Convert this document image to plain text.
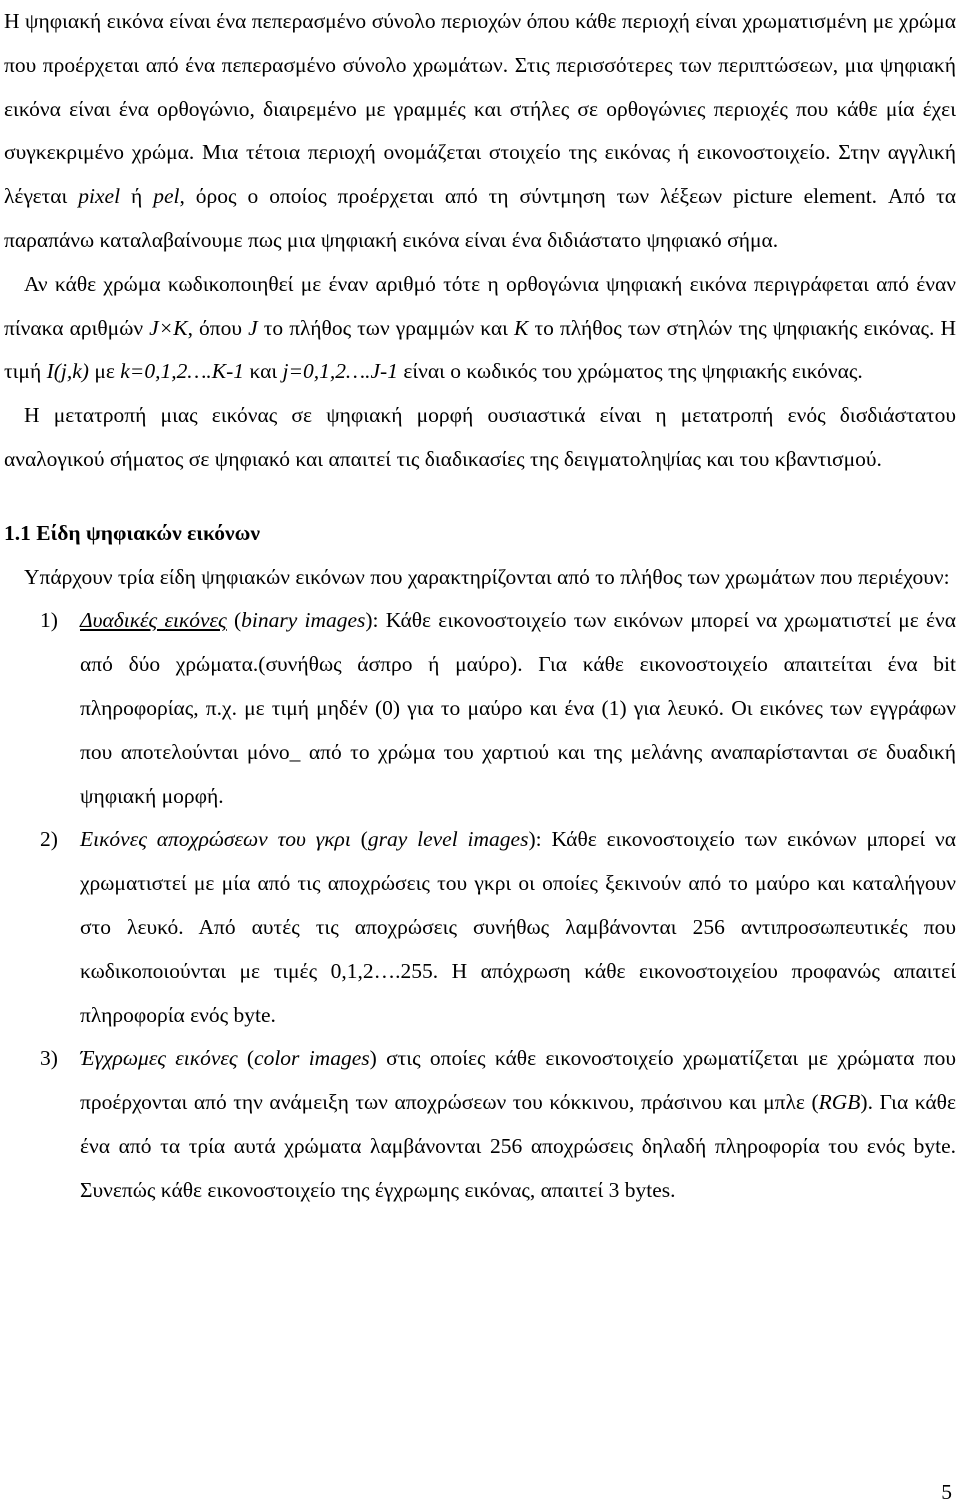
Η ψηφιακή εικόνα είναι ένα πεπερασμένο σύνολο περιοχών όπου κάθε περιοχή είναι χρωματισμένη με χρώμα που προέρχεται από ένα πεπερασμένο σύνολο χρωμάτων. Στις περισσότερες των περιπτώσεων, μια ψηφιακή εικόνα είναι ένα ορθογώνιο, διαιρεμένο με γραμμές και στήλες σε ορθογώνιες περιοχές που κάθε μία έχει συγκεκριμένο χρώμα. Μια τέτοια περιοχή ονομάζεται στοιχείο της εικόνας ή εικονοστοιχείο. Στην αγγλική λέγεται pixel ή pel, όρος ο οποίος προέρχεται από τη σύντμηση των λέξεων picture element. Από τα παραπάνω καταλαβαίνουμε πως μια ψηφιακή εικόνα είναι ένα διδιάστατο ψηφιακό σήμα.

Αν κάθε χρώμα κωδικοποιηθεί με έναν αριθμό τότε η ορθογώνια ψηφιακή εικόνα περιγράφεται από έναν πίνακα αριθμών J×K, όπου J το πλήθος των γραμμών και K το πλήθος των στηλών της ψηφιακής εικόνας. Η τιμή I(j,k) με k=0,1,2….K-1 και j=0,1,2….J-1 είναι ο κωδικός του χρώματος της ψηφιακής εικόνας.

Η μετατροπή μιας εικόνας σε ψηφιακή μορφή ουσιαστικά είναι η μετατροπή ενός δισδιάστατου αναλογικού σήματος σε ψηφιακό και απαιτεί τις διαδικασίες της δειγματοληψίας και του κβαντισμού.

1.1 Είδη ψηφιακών εικόνων

Υπάρχουν τρία είδη ψηφιακών εικόνων που χαρακτηρίζονται από το πλήθος των χρωμάτων που περιέχουν:

1) Δυαδικές εικόνες (binary images): Κάθε εικονοστοιχείο των εικόνων μπορεί να χρωματιστεί με ένα από δύο χρώματα.(συνήθως άσπρο ή μαύρο). Για κάθε εικονοστοιχείο απαιτείται ένα bit πληροφορίας, π.χ. με τιμή μηδέν (0) για το μαύρο και ένα (1) για λευκό. Οι εικόνες των εγγράφων που αποτελούνται μόνο_ από το χρώμα του χαρτιού και της μελάνης αναπαρίστανται σε δυαδική ψηφιακή μορφή.
2) Εικόνες αποχρώσεων του γκρι (gray level images): Κάθε εικονοστοιχείο των εικόνων μπορεί να χρωματιστεί με μία από τις αποχρώσεις του γκρι οι οποίες ξεκινούν από το μαύρο και καταλήγουν στο λευκό. Από αυτές τις αποχρώσεις συνήθως λαμβάνονται 256 αντιπροσωπευτικές που κωδικοποιούνται με τιμές 0,1,2….255. Η απόχρωση κάθε εικονοστοιχείου προφανώς απαιτεί πληροφορία ενός byte.
3) Έγχρωμες εικόνες (color images) στις οποίες κάθε εικονοστοιχείο χρωματίζεται με χρώματα που προέρχονται από την ανάμειξη των αποχρώσεων του κόκκινου, πράσινου και μπλε (RGB). Για κάθε ένα από τα τρία αυτά χρώματα λαμβάνονται 256 αποχρώσεις δηλαδή πληροφορία του ενός byte. Συνεπώς κάθε εικονοστοιχείο της έγχρωμης εικόνας, απαιτεί 3 bytes.
5
